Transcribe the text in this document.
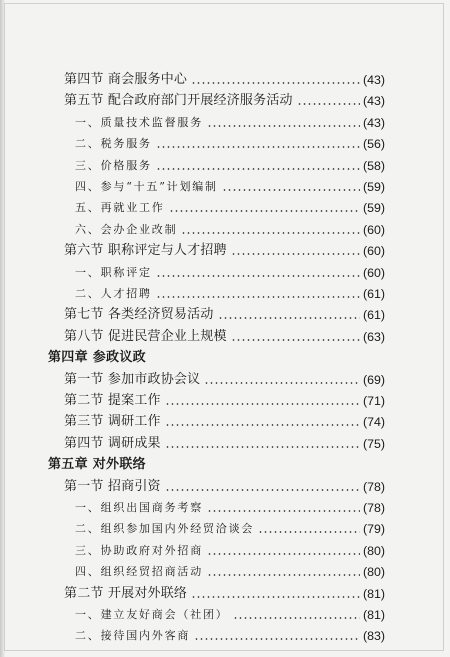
第四节 商会服务中心	(43)
第五节 配合政府部门开展经济服务活动	(43)
一、质量技术监督服务	(43)
二、税务服务	(56)
三、价格服务	(58)
四、参与“十五”计划编制	(59)
五、再就业工作	(59)
六、会办企业改制	(60)
第六节 职称评定与人才招聘	(60)
一、职称评定	(60)
二、人才招聘	(61)
第七节 各类经济贸易活动	(61)
第八节 促进民营企业上规模	(63)
第四章 参政议政
第一节 参加市政协会议	(69)
第二节 提案工作	(71)
第三节 调研工作	(74)
第四节 调研成果	(75)
第五章 对外联络
第一节 招商引资	(78)
一、组织出国商务考察	(78)
二、组织参加国内外经贸洽谈会	(79)
三、协助政府对外招商	(80)
四、组织经贸招商活动	(80)
第二节 开展对外联络	(81)
一、建立友好商会（社团）	(81)
二、接待国内外客商	(83)
